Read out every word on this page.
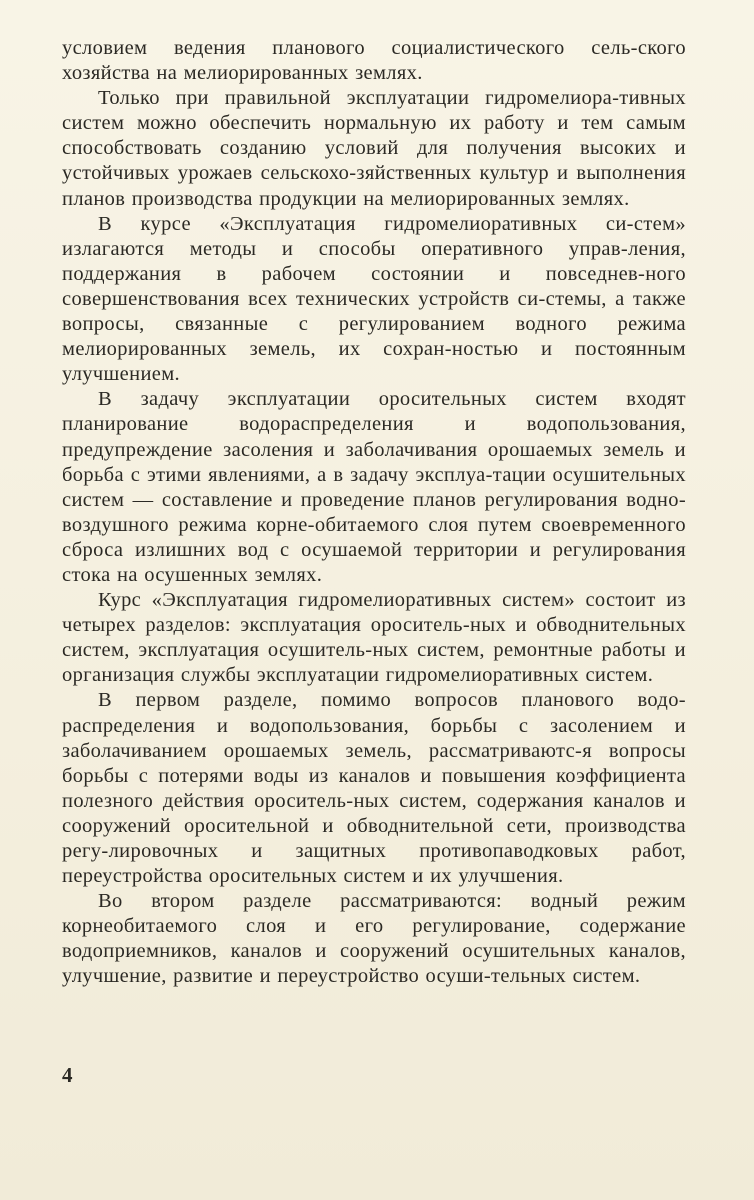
условием ведения планового социалистического сель-ского хозяйства на мелиорированных землях.

Только при правильной эксплуатации гидромелиора-тивных систем можно обеспечить нормальную их работу и тем самым способствовать созданию условий для получения высоких и устойчивых урожаев сельскохо-зяйственных культур и выполнения планов производства продукции на мелиорированных землях.

В курсе «Эксплуатация гидромелиоративных си-стем» излагаются методы и способы оперативного управ-ления, поддержания в рабочем состоянии и повседнев-ного совершенствования всех технических устройств си-стемы, а также вопросы, связанные с регулированием водного режима мелиорированных земель, их сохран-ностью и постоянным улучшением.

В задачу эксплуатации оросительных систем входят планирование водораспределения и водопользования, предупреждение засоления и заболачивания орошаемых земель и борьба с этими явлениями, а в задачу эксплуа-тации осушительных систем — составление и проведение планов регулирования водно-воздушного режима корне-обитаемого слоя путем своевременного сброса излишних вод с осушаемой территории и регулирования стока на осушенных землях.

Курс «Эксплуатация гидромелиоративных систем» состоит из четырех разделов: эксплуатация ороситель-ных и обводнительных систем, эксплуатация осушитель-ных систем, ремонтные работы и организация службы эксплуатации гидромелиоративных систем.

В первом разделе, помимо вопросов планового водо-распределения и водопользования, борьбы с засолением и заболачиванием орошаемых земель, рассматриваютс-я вопросы борьбы с потерями воды из каналов и повышения коэффициента полезного действия ороситель-ных систем, содержания каналов и сооружений оросительной и обводнительной сети, производства регу-лировочных и защитных противопаводковых работ, переустройства оросительных систем и их улучшения.

Во втором разделе рассматриваются: водный режим корнеобитаемого слоя и его регулирование, содержание водоприемников, каналов и сооружений осушительных каналов, улучшение, развитие и переустройство осуши-тельных систем.

4
